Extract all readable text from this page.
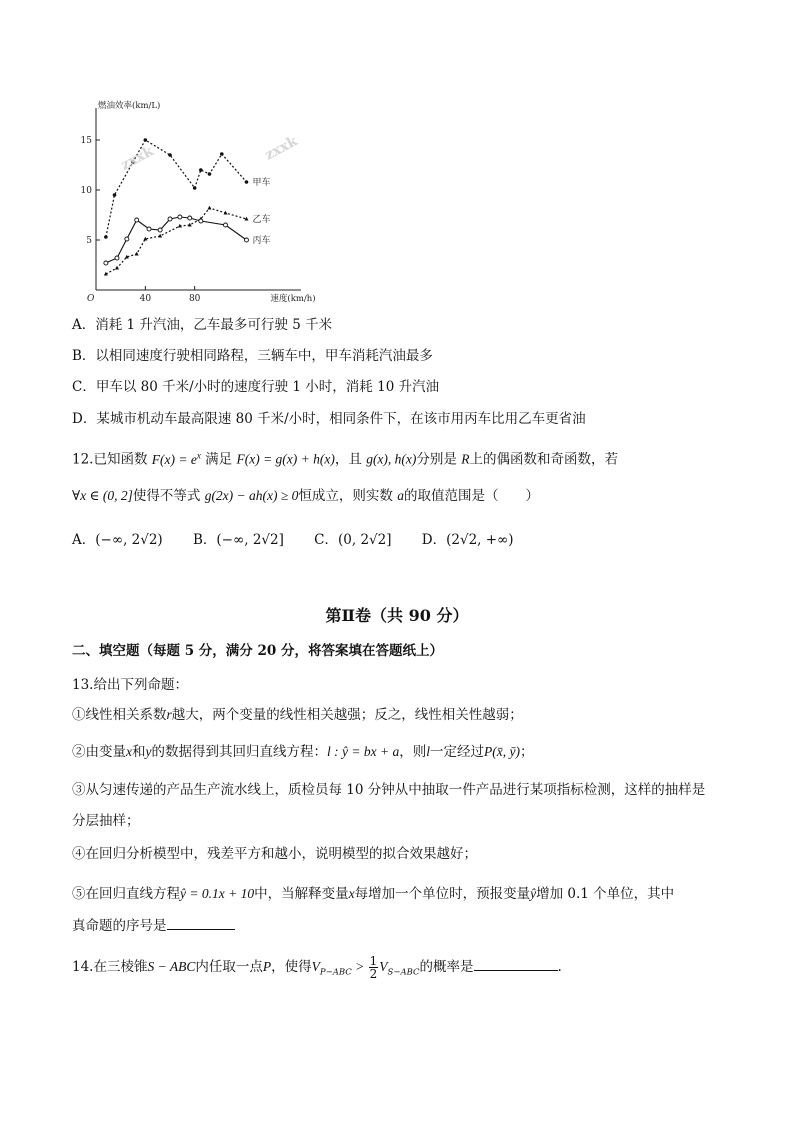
5
10
15
40	80
燃油效率(km/L)
速度(km/h)
O
zxxk	zxxk
甲车
乙车
丙车
A．消耗 1 升汽油，乙车最多可行驶 5 千米
B．以相同速度行驶相同路程，三辆车中，甲车消耗汽油最多
C．甲车以 80 千米/小时的速度行驶 1 小时，消耗 10 升汽油
D．某城市机动车最高限速 80 千米/小时，相同条件下，在该市用丙车比用乙车更省油
12.已知函数 $F(x) = e^x$ 满足 F(x) = g(x) + h(x)，且 g(x), h(x)分别是 R上的偶函数和奇函数，若
∀x ∈ (0, 2]使得不等式 g(2x) − ah(x) ≥ 0恒成立，则实数 a的取值范围是（　　）
A．(−∞, 2√2) B．(−∞, 2√2] C．(0, 2√2] D．(2√2, +∞)
第Ⅱ卷（共 90 分）
二、填空题（每题 5 分，满分 20 分，将答案填在答题纸上）
13.给出下列命题：
①线性相关系数r越大，两个变量的线性相关越强；反之，线性相关性越弱；
②由变量x和y的数据得到其回归直线方程：l : ŷ = bx + a，则l一定经过P(x̄, ȳ)；
③从匀速传递的产品生产流水线上，质检员每 10 分钟从中抽取一件产品进行某项指标检测，这样的抽样是
分层抽样；
④在回归分析模型中，残差平方和越小，说明模型的拟合效果越好；
⑤在回归直线方程ŷ = 0.1x + 10中，当解释变量x每增加一个单位时，预报变量ŷ增加 0.1 个单位，其中
真命题的序号是
14.在三棱锥S − ABC内任取一点P，使得$V_{P-ABC} > \frac{1}{2} V_{S-ABC}$的概率是	.
